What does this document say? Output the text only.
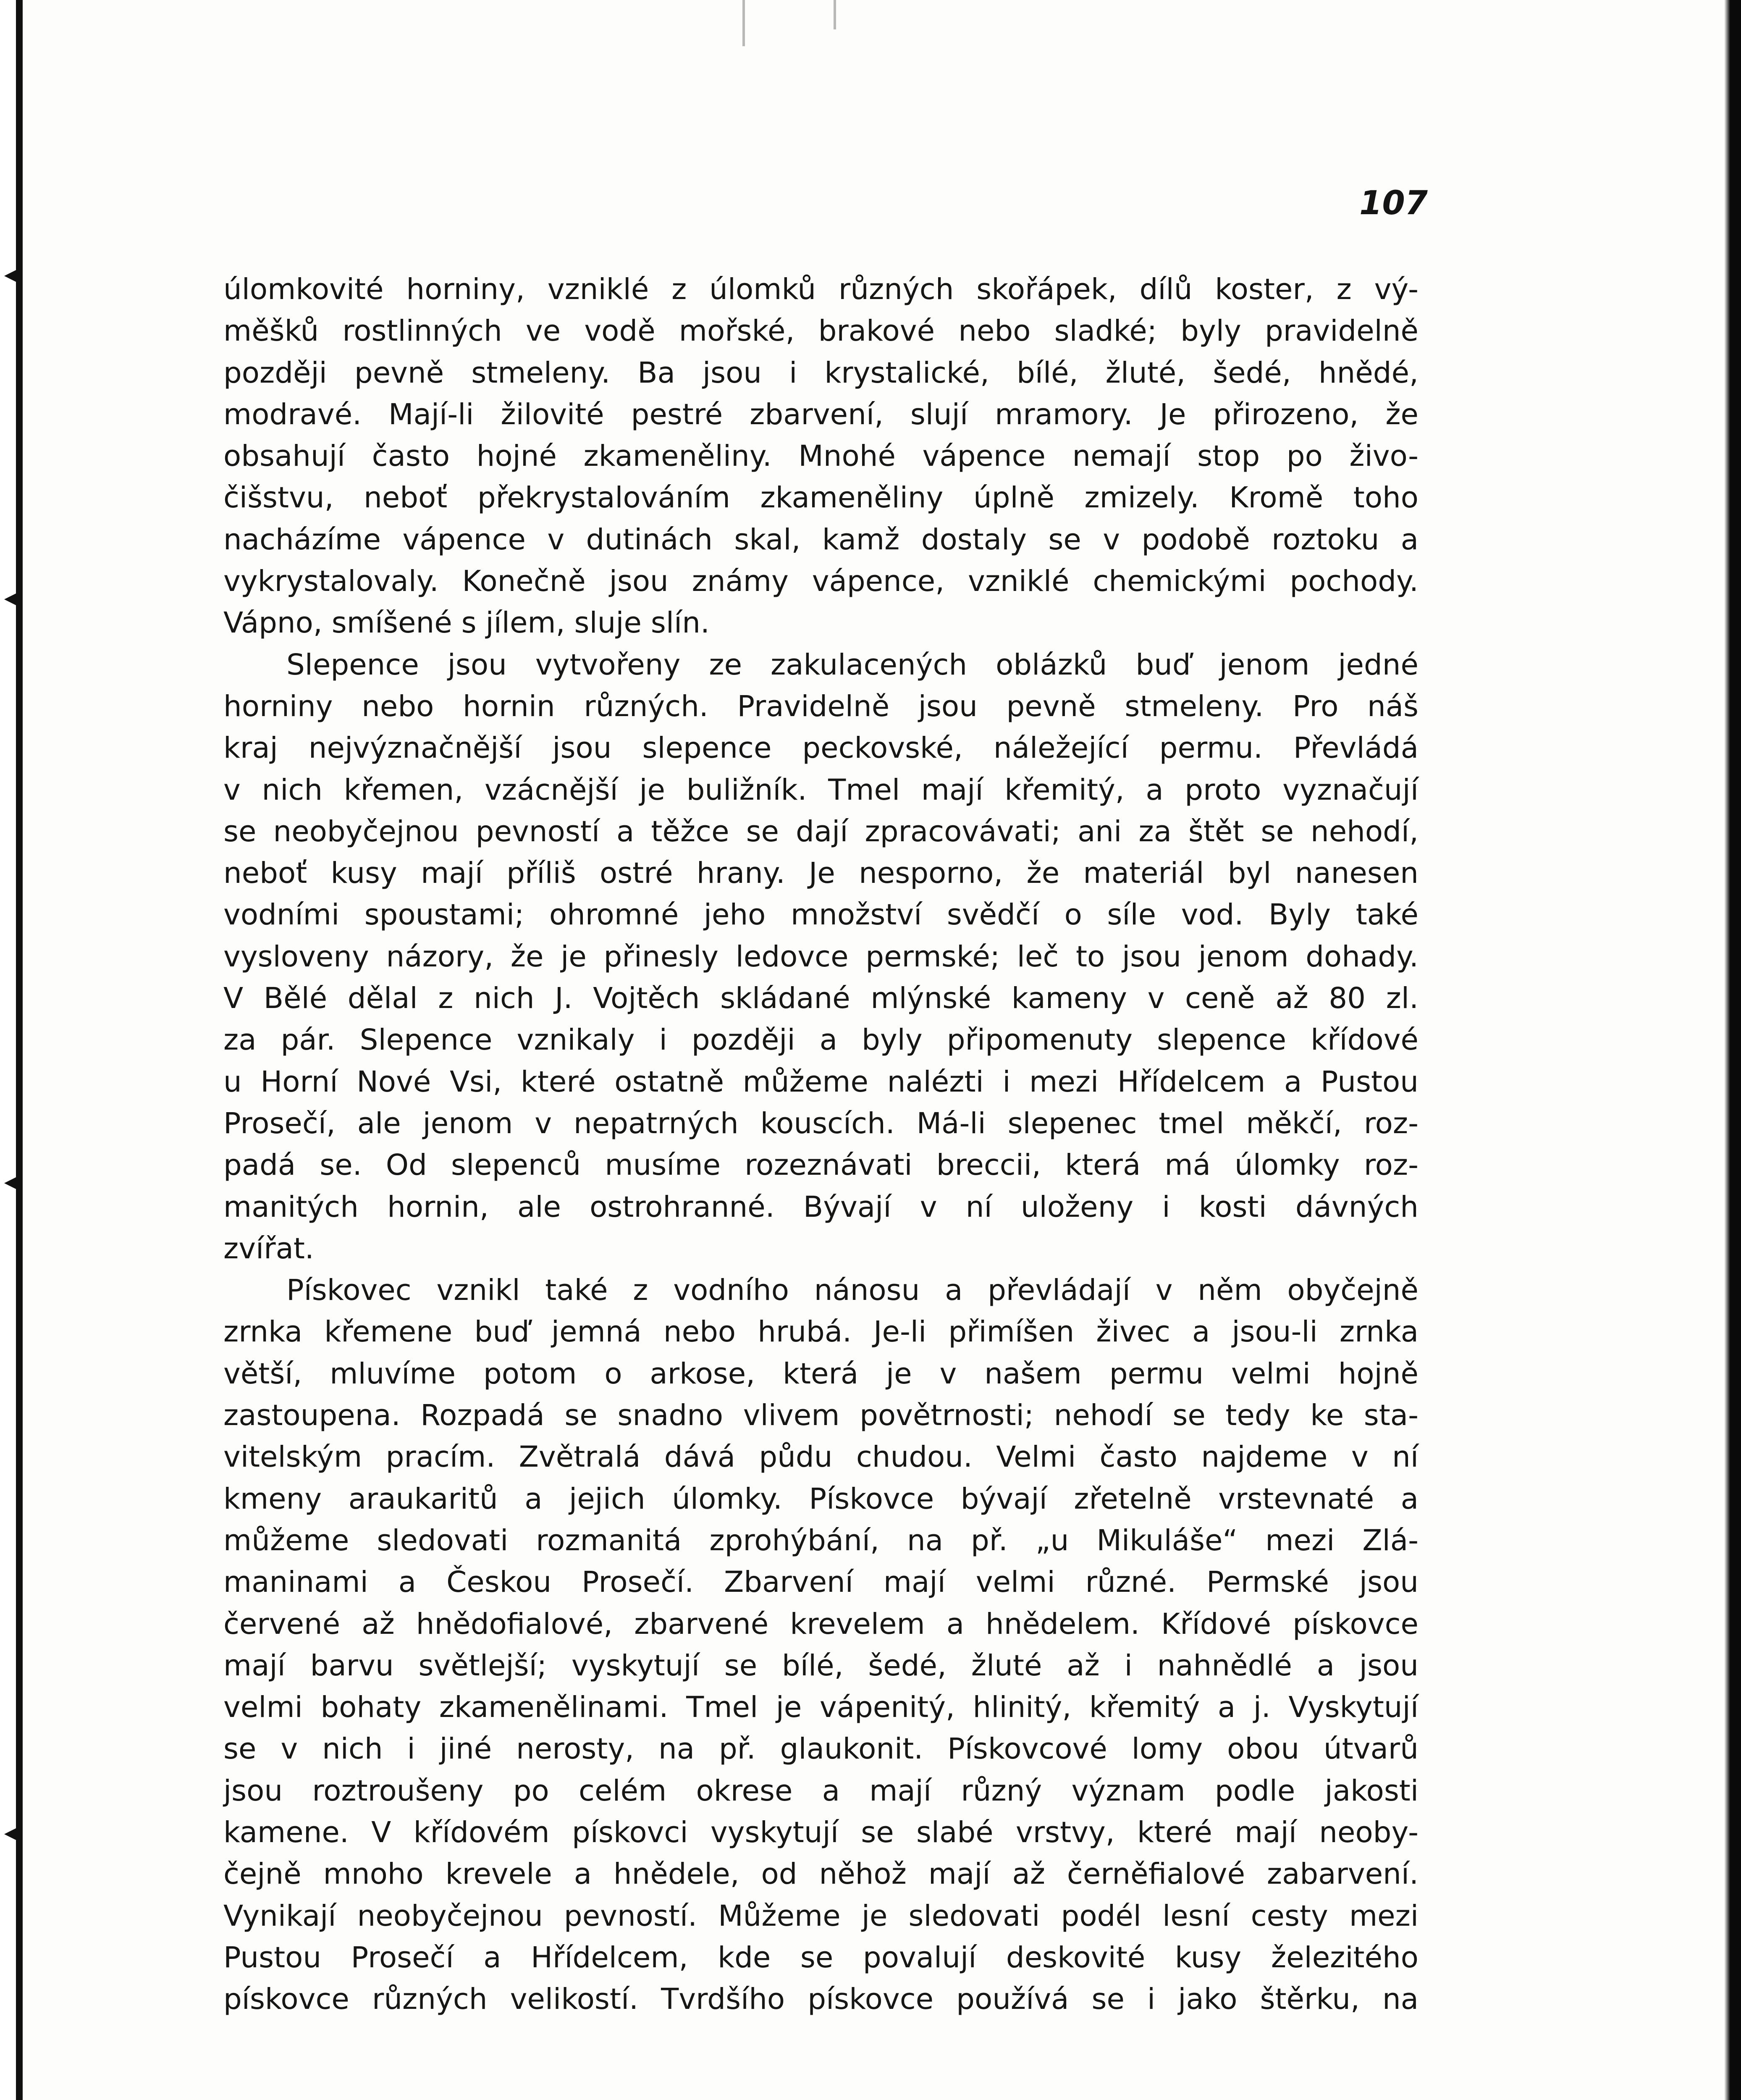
107
úlomkovité horniny, vzniklé z úlomků různých skořápek, dílů koster, z vý-
měšků rostlinných ve vodě mořské, brakové nebo sladké; byly pravidelně
později pevně stmeleny. Ba jsou i krystalické, bílé, žluté, šedé, hnědé,
modravé. Mají-li žilovité pestré zbarvení, slují mramory. Je přirozeno, že
obsahují často hojné zkameněliny. Mnohé vápence nemají stop po živo-
čišstvu, neboť překrystalováním zkameněliny úplně zmizely. Kromě toho
nacházíme vápence v dutinách skal, kamž dostaly se v podobě roztoku a
vykrystalovaly. Konečně jsou známy vápence, vzniklé chemickými pochody.
Vápno, smíšené s jílem, sluje slín.
Slepence jsou vytvořeny ze zakulacených oblázků buď jenom jedné
horniny nebo hornin různých. Pravidelně jsou pevně stmeleny. Pro náš
kraj nejvýznačnější jsou slepence peckovské, náležející permu. Převládá
v nich křemen, vzácnější je buližník. Tmel mají křemitý, a proto vyznačují
se neobyčejnou pevností a těžce se dají zpracovávati; ani za štět se nehodí,
neboť kusy mají příliš ostré hrany. Je nesporno, že materiál byl nanesen
vodními spoustami; ohromné jeho množství svědčí o síle vod. Byly také
vysloveny názory, že je přinesly ledovce permské; leč to jsou jenom dohady.
V Bělé dělal z nich J. Vojtěch skládané mlýnské kameny v ceně až 80 zl.
za pár. Slepence vznikaly i později a byly připomenuty slepence křídové
u Horní Nové Vsi, které ostatně můžeme nalézti i mezi Hřídelcem a Pustou
Prosečí, ale jenom v nepatrných kouscích. Má-li slepenec tmel měkčí, roz-
padá se. Od slepenců musíme rozeznávati breccii, která má úlomky roz-
manitých hornin, ale ostrohranné. Bývají v ní uloženy i kosti dávných
zvířat.
Pískovec vznikl také z vodního nánosu a převládají v něm obyčejně
zrnka křemene buď jemná nebo hrubá. Je-li přimíšen živec a jsou-li zrnka
větší, mluvíme potom o arkose, která je v našem permu velmi hojně
zastoupena. Rozpadá se snadno vlivem povětrnosti; nehodí se tedy ke sta-
vitelským pracím. Zvětralá dává půdu chudou. Velmi často najdeme v ní
kmeny araukaritů a jejich úlomky. Pískovce bývají zřetelně vrstevnaté a
můžeme sledovati rozmanitá zprohýbání, na př. „u Mikuláše“ mezi Zlá-
maninami a Českou Prosečí. Zbarvení mají velmi různé. Permské jsou
červené až hnědofialové, zbarvené krevelem a hnědelem. Křídové pískovce
mají barvu světlejší; vyskytují se bílé, šedé, žluté až i nahnědlé a jsou
velmi bohaty zkamenělinami. Tmel je vápenitý, hlinitý, křemitý a j. Vyskytují
se v nich i jiné nerosty, na př. glaukonit. Pískovcové lomy obou útvarů
jsou roztroušeny po celém okrese a mají různý význam podle jakosti
kamene. V křídovém pískovci vyskytují se slabé vrstvy, které mají neoby-
čejně mnoho krevele a hnědele, od něhož mají až černěfialové zabarvení.
Vynikají neobyčejnou pevností. Můžeme je sledovati podél lesní cesty mezi
Pustou Prosečí a Hřídelcem, kde se povalují deskovité kusy železitého
pískovce různých velikostí. Tvrdšího pískovce používá se i jako štěrku, na
